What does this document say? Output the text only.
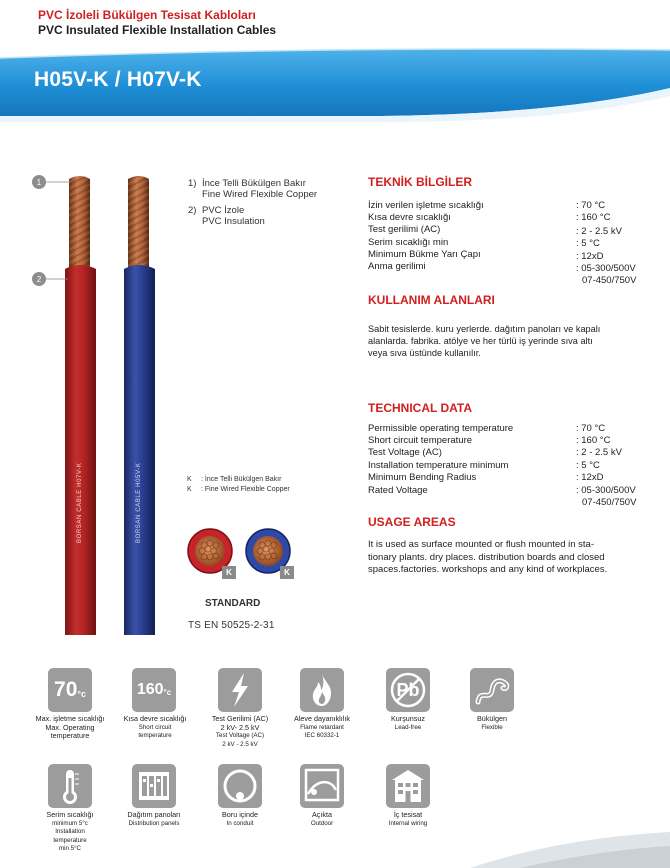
PVC İzoleli Bükülgen Tesisat Kabloları
PVC Insulated Flexible Installation Cables
H05V-K / H07V-K
1
2
BORSAN CABLE H07V-K	BORSAN CABLE H05V-K
1) İnce Telli Bükülgen Bakır
Fine Wired Flexible Copper
2) PVC İzole
PVC Insulation
K : İnce Telli Bükülgen Bakır
K : Fine Wired Flexible Copper
K	K
STANDARD
TS EN 50525-2-31
TEKNİK BİLGİLER
İzin verilen işletme sıcaklığı	: 70 °C
Kısa devre sıcaklığı	: 160 °C
Test gerilimi (AC)	: 2 - 2.5 kV
Serim sıcaklığı min	: 5 °C
Minimum Bükme Yarı Çapı	: 12xD
Anma gerilimi	: 05-300/500V
07-450/750V
KULLANIM ALANLARI
Sabit tesislerde. kuru yerlerde. dağıtım panoları ve kapalı
alanlarda. fabrika. atölye ve her türlü iş yerinde sıva altı
veya sıva üstünde kullanılır.
TECHNICAL DATA
Permissible operating temperature	: 70 °C
Short circuit temperature	: 160 °C
Test Voltage (AC)	: 2 - 2.5 kV
Installation temperature minimum	: 5 °C
Minimum Bending Radius	: 12xD
Rated Voltage	: 05-300/500V
07-450/750V
USAGE AREAS
It is used as surface mounted or flush mounted in sta-
tionary plants. dry places. distribution boards and closed
spaces.factories. workshops and any kind of workplaces.
70°c
Max. işletme sıcaklığı
Max. Operating
temperature
160°c
Kısa devre sıcaklığı
Short circuit
temperature
Test Gerilimi (AC)
2 kV- 2.5 kV
Test Voltage (AC)
2 kV - 2.5 kV
Aleve dayanıklılık
Flame retardant
IEC 60332-1
Pb
Kurşunsuz
Lead-free
Bükülgen
Flexible
Serim sıcaklığı
minimum 5°c
Installation
temperature
min 5°C
Dağıtım panoları
Distribution panels
Boru içinde
In conduit
Açıkta
Outdoor
İç tesisat
Internal wiring
